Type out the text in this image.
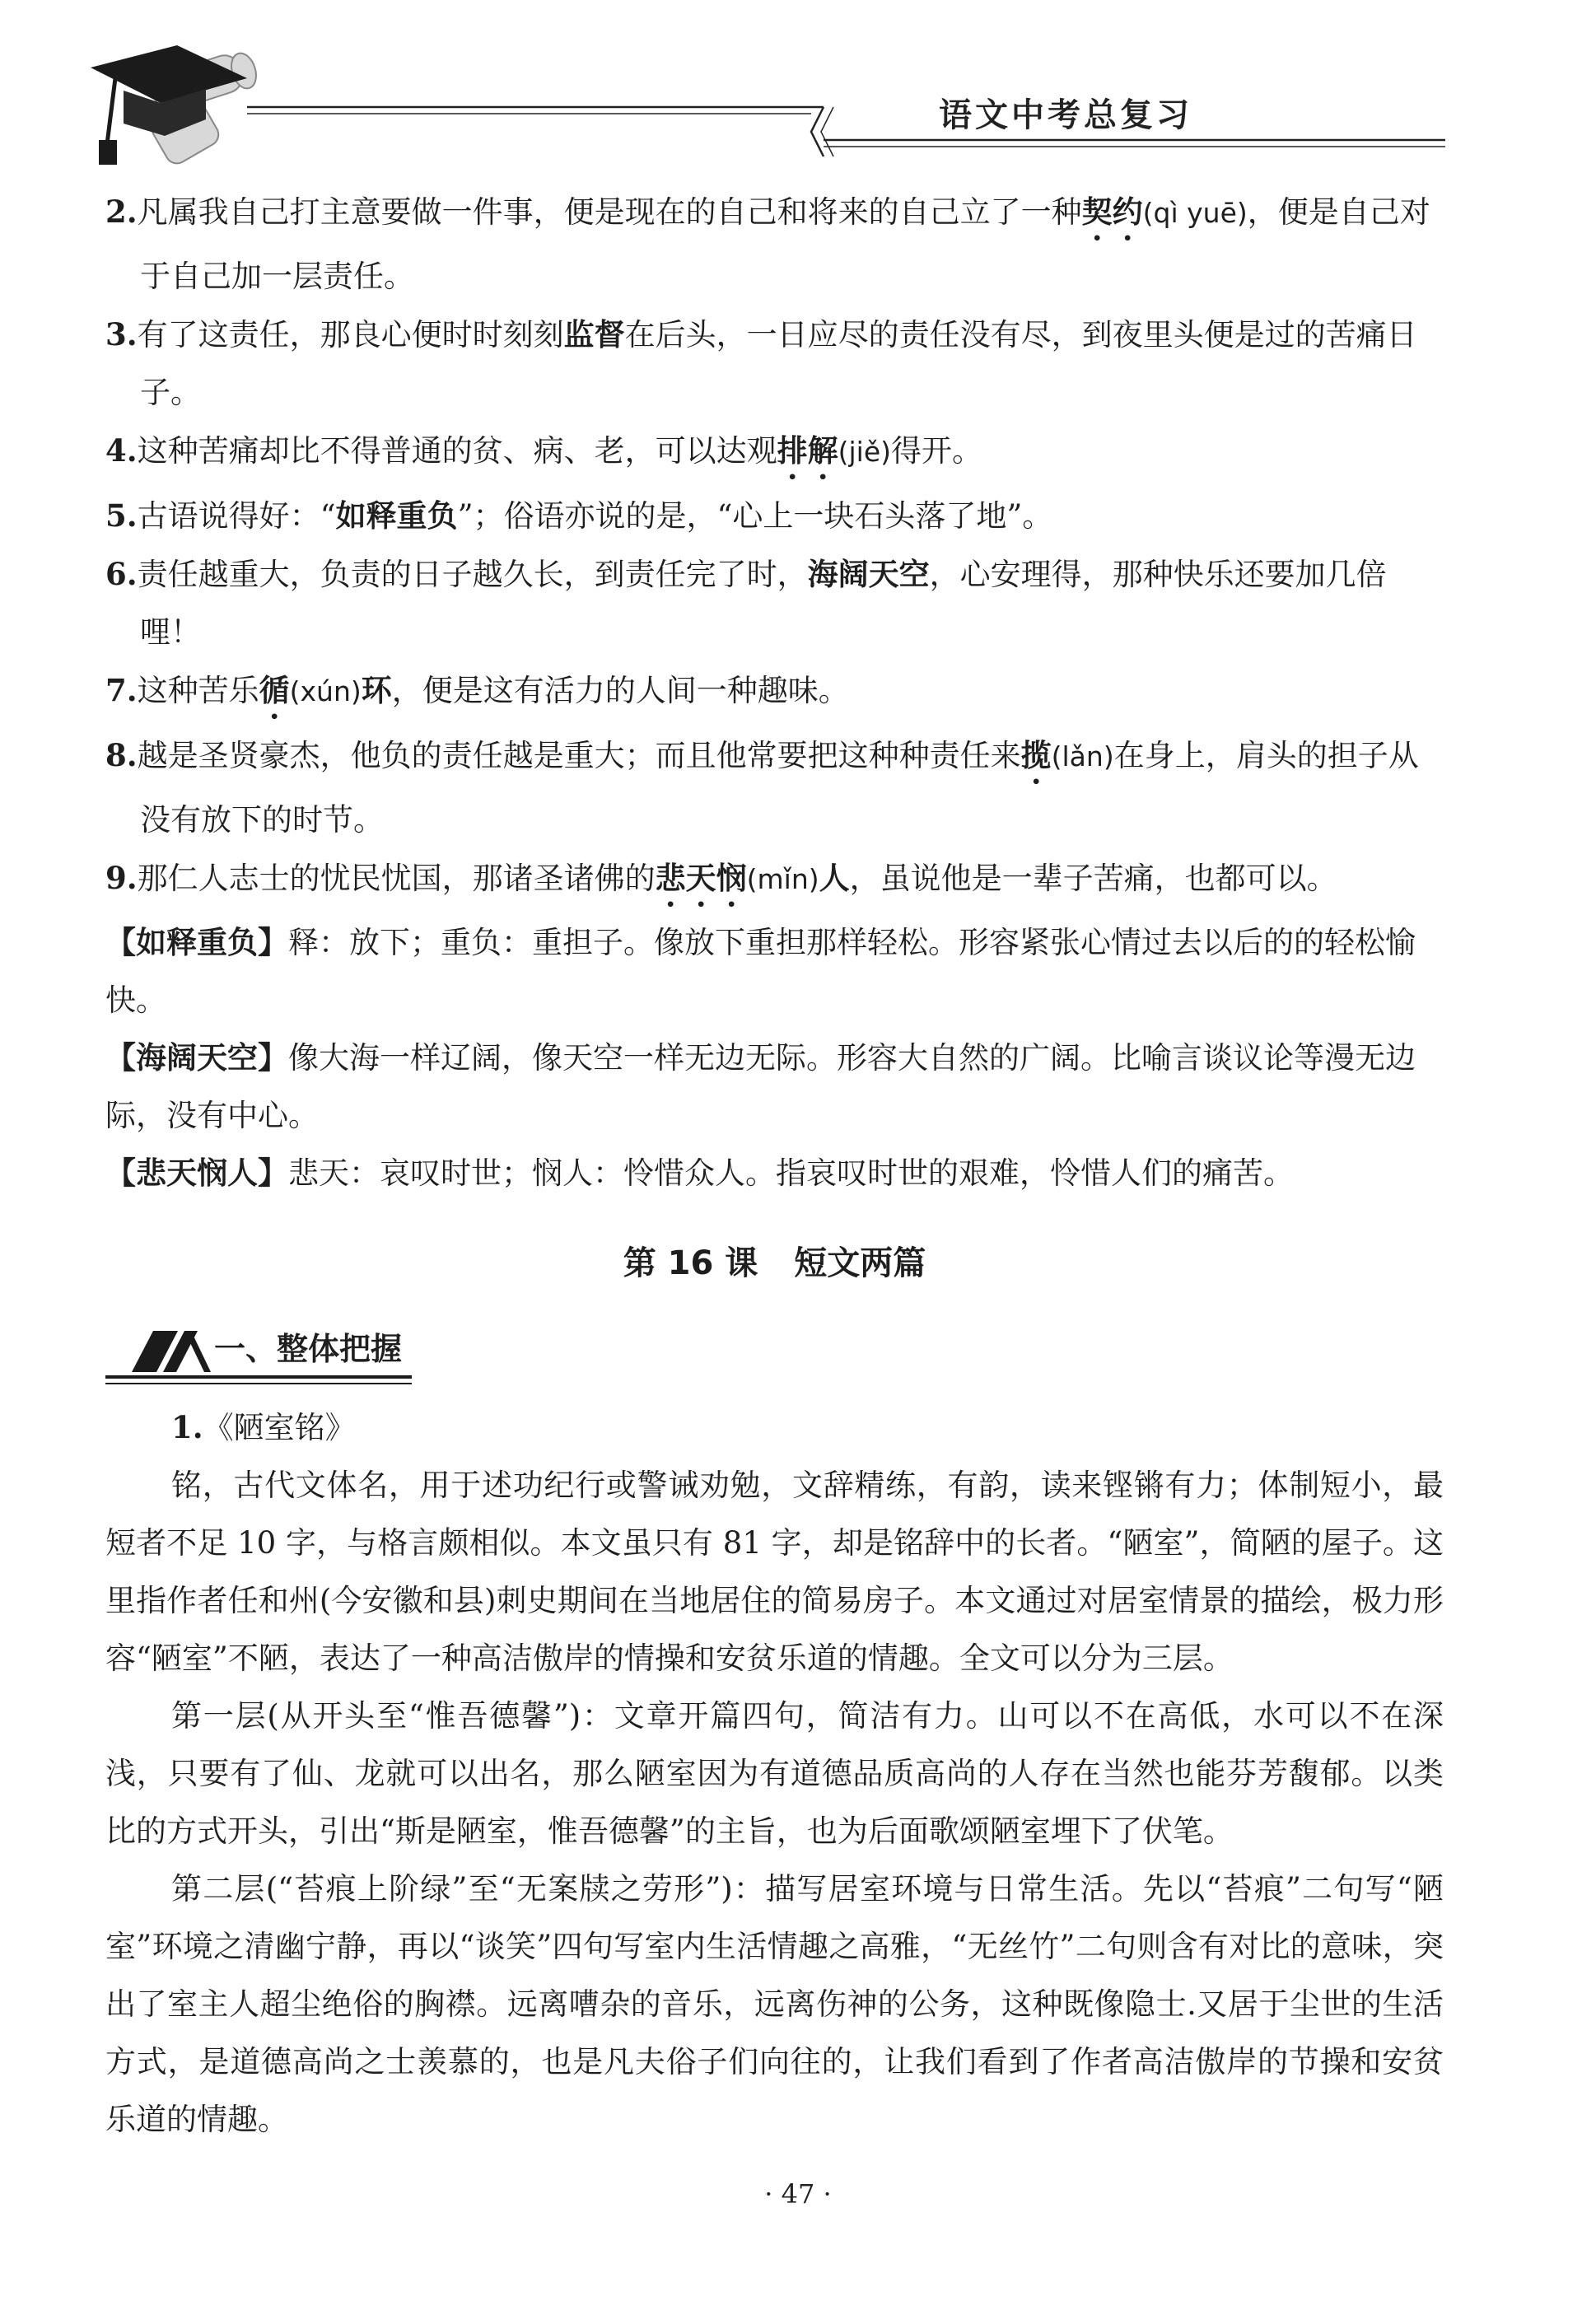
语文中考总复习

2.凡属我自己打主意要做一件事，便是现在的自己和将来的自己立了一种契约(qì yuē)，便是自己对于自己加一层责任。

3.有了这责任，那良心便时时刻刻监督在后头，一日应尽的责任没有尽，到夜里头便是过的苦痛日子。

4.这种苦痛却比不得普通的贫、病、老，可以达观排解(jiě)得开。

5.古语说得好：“如释重负”；俗语亦说的是，“心上一块石头落了地”。

6.责任越重大，负责的日子越久长，到责任完了时，海阔天空，心安理得，那种快乐还要加几倍哩！

7.这种苦乐循(xún)环，便是这有活力的人间一种趣味。

8.越是圣贤豪杰，他负的责任越是重大；而且他常要把这种种责任来揽(lǎn)在身上，肩头的担子从没有放下的时节。

9.那仁人志士的忧民忧国，那诸圣诸佛的悲天悯(mǐn)人，虽说他是一辈子苦痛，也都可以。

【如释重负】释：放下；重负：重担子。像放下重担那样轻松。形容紧张心情过去以后的的轻松愉快。

【海阔天空】像大海一样辽阔，像天空一样无边无际。形容大自然的广阔。比喻言谈议论等漫无边际，没有中心。

【悲天悯人】悲天：哀叹时世；悯人：怜惜众人。指哀叹时世的艰难，怜惜人们的痛苦。

第 16 课 短文两篇
一、整体把握

1.《陋室铭》

铭，古代文体名，用于述功纪行或警诫劝勉，文辞精练，有韵，读来铿锵有力；体制短小，最短者不足 10 字，与格言颇相似。本文虽只有 81 字，却是铭辞中的长者。“陋室”，简陋的屋子。这里指作者任和州(今安徽和县)刺史期间在当地居住的简易房子。本文通过对居室情景的描绘，极力形容“陋室”不陋，表达了一种高洁傲岸的情操和安贫乐道的情趣。全文可以分为三层。

第一层(从开头至“惟吾德馨”)：文章开篇四句，简洁有力。山可以不在高低，水可以不在深浅，只要有了仙、龙就可以出名，那么陋室因为有道德品质高尚的人存在当然也能芬芳馥郁。以类比的方式开头，引出“斯是陋室，惟吾德馨”的主旨，也为后面歌颂陋室埋下了伏笔。

第二层(“苔痕上阶绿”至“无案牍之劳形”)：描写居室环境与日常生活。先以“苔痕”二句写“陋室”环境之清幽宁静，再以“谈笑”四句写室内生活情趣之高雅，“无丝竹”二句则含有对比的意味，突出了室主人超尘绝俗的胸襟。远离嘈杂的音乐，远离伤神的公务，这种既像隐士.又居于尘世的生活方式，是道德高尚之士羡慕的，也是凡夫俗子们向往的，让我们看到了作者高洁傲岸的节操和安贫乐道的情趣。

· 47 ·
